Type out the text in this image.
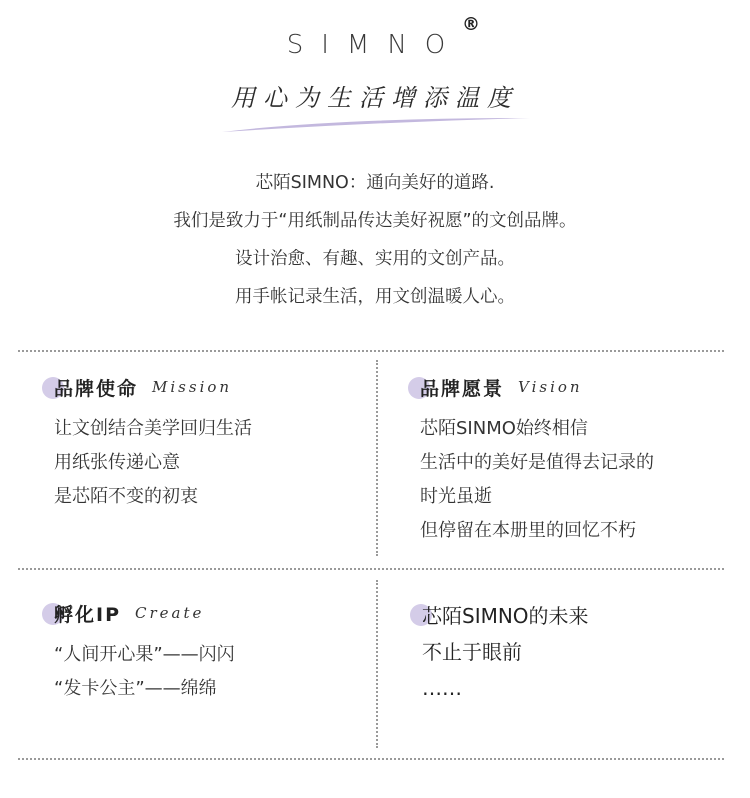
SIMNO
®
用心为生活增添温度
芯陌SIMNO：通向美好的道路.
我们是致力于“用纸制品传达美好祝愿”的文创品牌。
设计治愈、有趣、实用的文创产品。
用手帐记录生活，用文创温暖人心。
品牌使命 Mission
让文创结合美学回归生活
用纸张传递心意
是芯陌不变的初衷
品牌愿景 Vision
芯陌SINMO始终相信
生活中的美好是值得去记录的
时光虽逝
但停留在本册里的回忆不朽
孵化IP Create
“人间开心果”——闪闪
“发卡公主”——绵绵
芯陌SIMNO的未来
不止于眼前
……
